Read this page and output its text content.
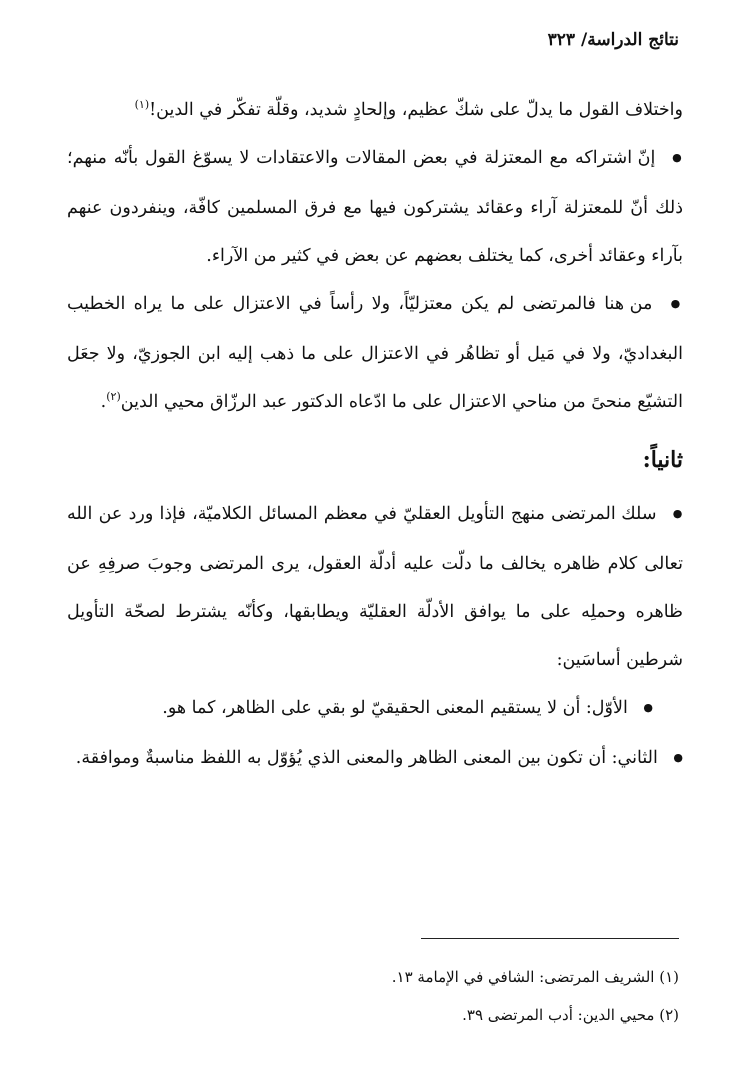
نتائج الدراسة/ ٣٢٣

واختلاف القول ما يدلّ على شكّ عظيم، وإلحادٍ شديد، وقلّة تفكّر في الدين!$^{(١)}$

● إنّ اشتراكه مع المعتزلة في بعض المقالات والاعتقادات لا يسوّغ القول بأنّه منهم؛ ذلك أنّ للمعتزلة آراء وعقائد يشتركون فيها مع فرق المسلمين كافّة، وينفردون عنهم بآراء وعقائد أخرى، كما يختلف بعضهم عن بعض في كثير من الآراء.

● من هنا فالمرتضى لم يكن معتزليّاً، ولا رأساً في الاعتزال على ما يراه الخطيب البغداديّ، ولا في مَيل أو تظاهُر في الاعتزال على ما ذهب إليه ابن الجوزيّ، ولا جعَل التشيّع منحىً من مناحي الاعتزال على ما ادّعاه الدكتور عبد الرزّاق محيي الدين$^{(٢)}$.

ثانياً:

● سلك المرتضى منهج التأويل العقليّ في معظم المسائل الكلاميّة، فإذا ورد عن الله تعالى كلام ظاهره يخالف ما دلّت عليه أدلّة العقول، يرى المرتضى وجوبَ صرفِهِ عن ظاهره وحملِه على ما يوافق الأدلّة العقليّة ويطابقها، وكأنّه يشترط لصحّة التأويل شرطين أساسَين:

● الأوّل: أن لا يستقيم المعنى الحقيقيّ لو بقي على الظاهر، كما هو.

● الثاني: أن تكون بين المعنى الظاهر والمعنى الذي يُؤوّل به اللفظ مناسبةٌ وموافقة.

(١) الشريف المرتضى: الشافي في الإمامة ١٣.

(٢) محيي الدين: أدب المرتضى ٣٩.
